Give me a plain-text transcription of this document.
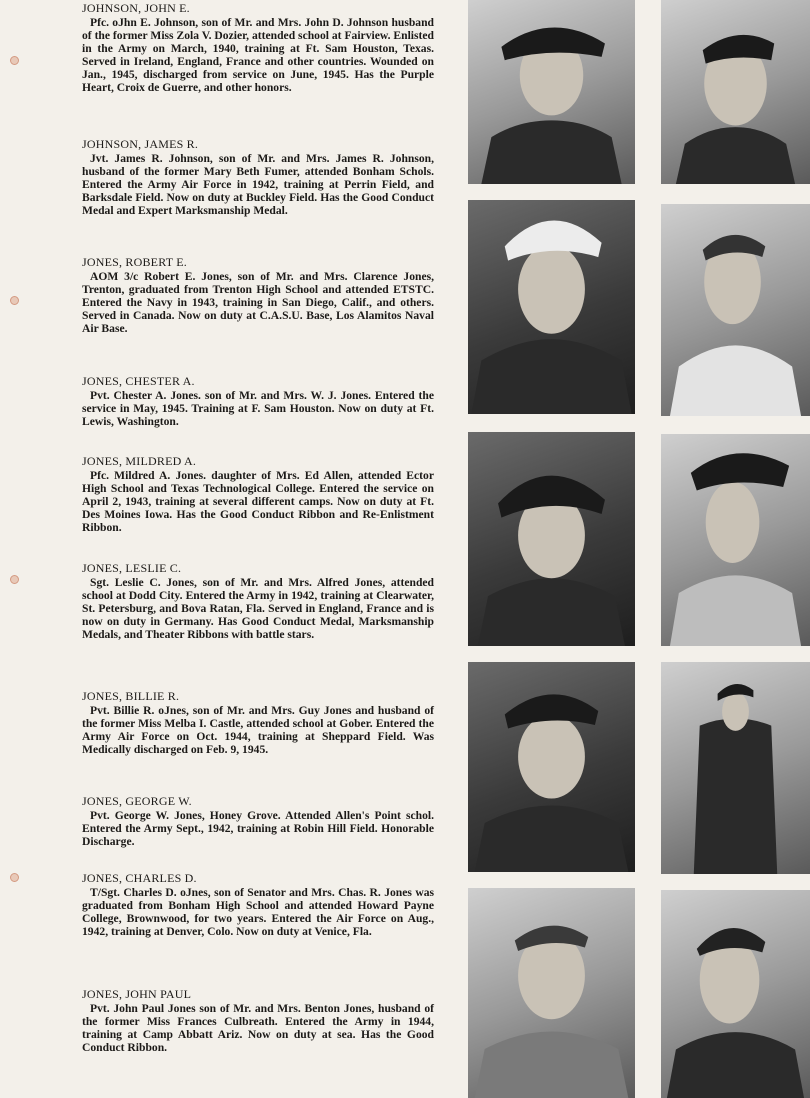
JOHNSON, JOHN E.

Pfc. oJhn E. Johnson, son of Mr. and Mrs. John D. Johnson husband of the former Miss Zola V. Dozier, attended school at Fairview. Enlisted in the Army on March, 1940, training at Ft. Sam Houston, Texas. Served in Ireland, England, France and other countries. Wounded on Jan., 1945, discharged from service on June, 1945. Has the Purple Heart, Croix de Guerre, and other honors.

JOHNSON, JAMES R.

Jvt. James R. Johnson, son of Mr. and Mrs. James R. Johnson, husband of the former Mary Beth Fumer, attended Bonham Schols. Entered the Army Air Force in 1942, training at Perrin Field, and Barksdale Field. Now on duty at Buckley Field. Has the Good Conduct Medal and Expert Marksmanship Medal.

JONES, ROBERT E.

AOM 3/c Robert E. Jones, son of Mr. and Mrs. Clarence Jones, Trenton, graduated from Trenton High School and attended ETSTC. Entered the Navy in 1943, training in San Diego, Calif., and others. Served in Canada. Now on duty at C.A.S.U. Base, Los Alamitos Naval Air Base.

JONES, CHESTER A.

Pvt. Chester A. Jones. son of Mr. and Mrs. W. J. Jones. Entered the service in May, 1945. Training at F. Sam Houston. Now on duty at Ft. Lewis, Washington.

JONES, MILDRED A.

Pfc. Mildred A. Jones. daughter of Mrs. Ed Allen, attended Ector High School and Texas Technological College. Entered the service on April 2, 1943, training at several different camps. Now on duty at Ft. Des Moines Iowa. Has the Good Conduct Ribbon and Re-Enlistment Ribbon.

JONES, LESLIE C.

Sgt. Leslie C. Jones, son of Mr. and Mrs. Alfred Jones, attended school at Dodd City. Entered the Army in 1942, training at Clearwater, St. Petersburg, and Bova Ratan, Fla. Served in England, France and is now on duty in Germany. Has Good Conduct Medal, Marksmanship Medals, and Theater Ribbons with battle stars.

JONES, BILLIE R.

Pvt. Billie R. oJnes, son of Mr. and Mrs. Guy Jones and husband of the former Miss Melba I. Castle, attended school at Gober. Entered the Army Air Force on Oct. 1944, training at Sheppard Field. Was Medically discharged on Feb. 9, 1945.

JONES, GEORGE W.

Pvt. George W. Jones, Honey Grove. Attended Allen's Point schol. Entered the Army Sept., 1942, training at Robin Hill Field. Honorable Discharge.

JONES, CHARLES D.

T/Sgt. Charles D. oJnes, son of Senator and Mrs. Chas. R. Jones was graduated from Bonham High School and attended Howard Payne College, Brownwood, for two years. Entered the Air Force on Aug., 1942, training at Denver, Colo. Now on duty at Venice, Fla.

JONES, JOHN PAUL

Pvt. John Paul Jones son of Mr. and Mrs. Benton Jones, husband of the former Miss Frances Culbreath. Entered the Army in 1944, training at Camp Abbatt Ariz. Now on duty at sea. Has the Good Conduct Ribbon.
